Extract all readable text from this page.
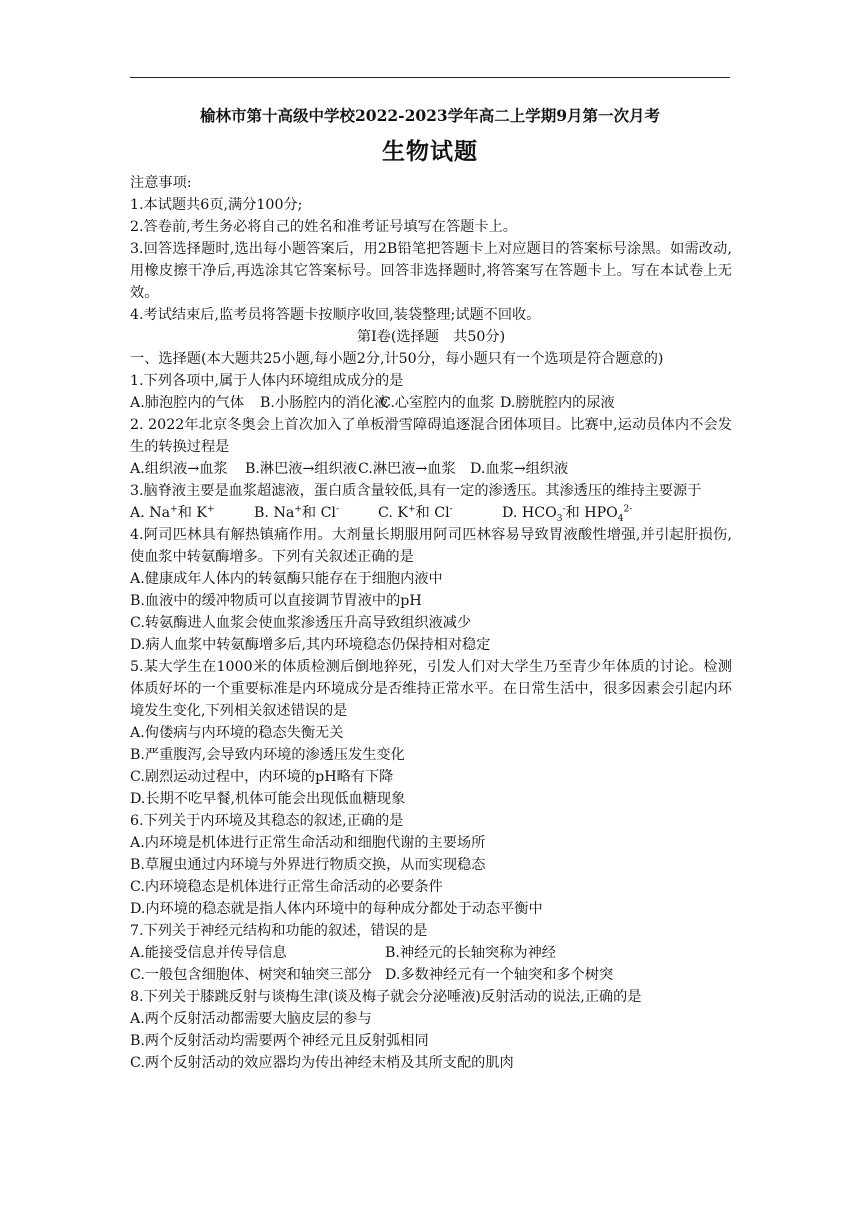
榆林市第十高级中学校2022-2023学年高二上学期9月第一次月考
生物试题
注意事项:
1.本试题共6页,满分100分;
2.答卷前,考生务必将自己的姓名和准考证号填写在答题卡上。
3.回答选择题时,选出每小题答案后，用2B铅笔把答题卡上对应题目的答案标号涂黑。如需改动,用橡皮擦干净后,再选涂其它答案标号。回答非选择题时,将答案写在答题卡上。写在本试卷上无效。
4.考试结束后,监考员将答题卡按顺序收回,装袋整理;试题不回收。
第I卷(选择题　共50分)
一、选择题(本大题共25小题,每小题2分,计50分，每小题只有一个选项是符合题意的)
1.下列各项中,属于人体内环境组成成分的是
A.肺泡腔内的气体	B.小肠腔内的消化液
C.心室腔内的血浆 D.膀胱腔内的尿液
2. 2022年北京冬奥会上首次加入了单板滑雪障碍追逐混合团体项目。比赛中,运动员体内不会发生的转换过程是
A.组织液→血浆	B.淋巴液→组织液 C.淋巴液→血浆	D.血浆→组织液
3.脑脊液主要是血浆超滤液，蛋白质含量较低,具有一定的渗透压。其渗透压的维持主要源于
A. Na+和 K+	B. Na+和 Cl-	C. K+和 Cl-	D. $HCO_3^-$和 $HPO_4^{2-}$
4.阿司匹林具有解热镇痛作用。大剂量长期服用阿司匹林容易导致胃液酸性增强,并引起肝损伤,使血浆中转氨酶增多。下列有关叙述正确的是
A.健康成年人体内的转氨酶只能存在于细胞内液中
B.血液中的缓冲物质可以直接调节胃液中的pH
C.转氨酶进人血浆会使血浆渗透压升高导致组织液减少
D.病人血浆中转氨酶增多后,其内环境稳态仍保持相对稳定
5.某大学生在1000米的体质检测后倒地猝死，引发人们对大学生乃至青少年体质的讨论。检测体质好坏的一个重要标准是内环境成分是否维持正常水平。在日常生活中，很多因素会引起内环境发生变化,下列相关叙述错误的是
A.佝偻病与内环境的稳态失衡无关
B.严重腹泻,会导致内环境的渗透压发生变化
C.剧烈运动过程中，内环境的pH略有下降
D.长期不吃早餐,机体可能会出现低血糖现象
6.下列关于内环境及其稳态的叙述,正确的是
A.内环境是机体进行正常生命活动和细胞代谢的主要场所
B.草履虫通过内环境与外界进行物质交换，从而实现稳态
C.内环境稳态是机体进行正常生命活动的必要条件
D.内环境的稳态就是指人体内环境中的每种成分都处于动态平衡中
7.下列关于神经元结构和功能的叙述，错误的是
A.能接受信息并传导信息	B.神经元的长轴突称为神经
C.一般包含细胞体、树突和轴突三部分 D.多数神经元有一个轴突和多个树突
8.下列关于膝跳反射与谈梅生津(谈及梅子就会分泌唾液)反射活动的说法,正确的是
A.两个反射活动都需要大脑皮层的参与
B.两个反射活动均需要两个神经元且反射弧相同
C.两个反射活动的效应器均为传出神经末梢及其所支配的肌肉
